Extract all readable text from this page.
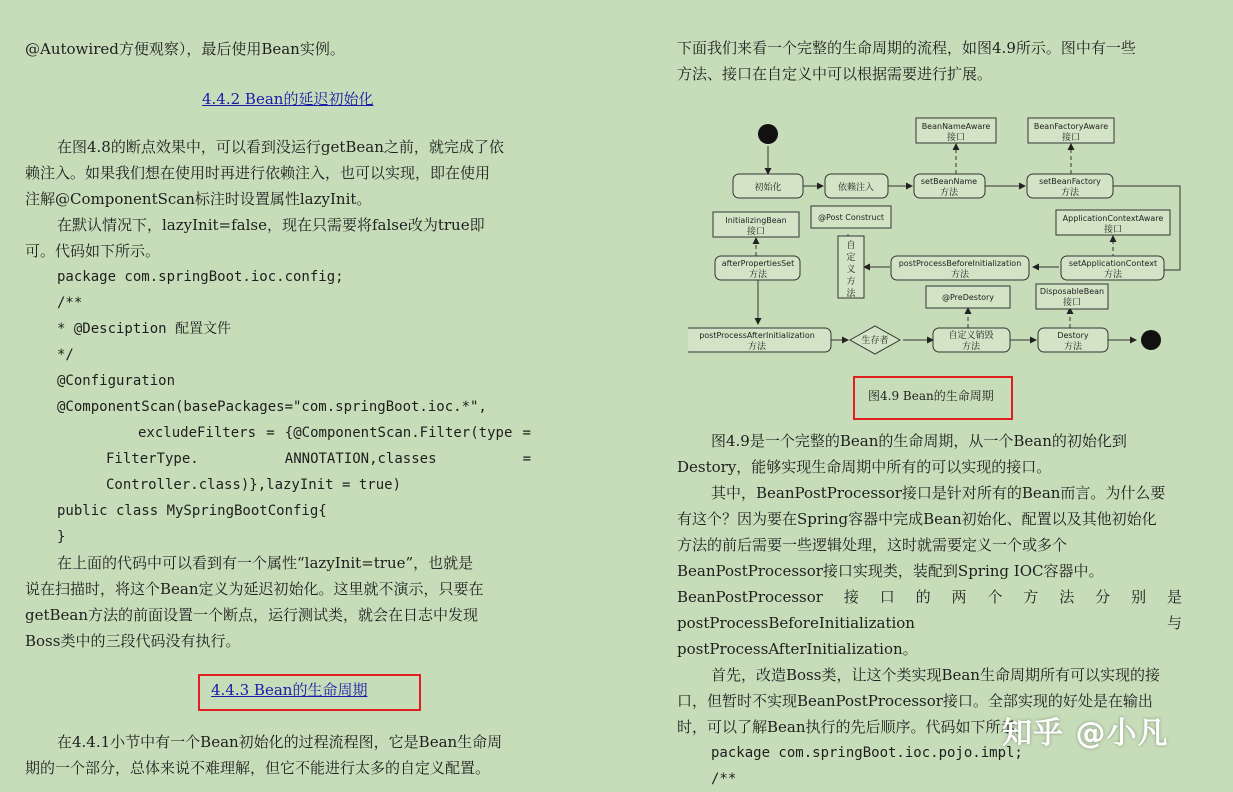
@Autowired方便观察），最后使用Bean实例。
4.4.2 Bean的延迟初始化
在图4.8的断点效果中，可以看到没运行getBean之前，就完成了依
赖注入。如果我们想在使用时再进行依赖注入，也可以实现，即在使用
注解@ComponentScan标注时设置属性lazyInit。
在默认情况下，lazyInit=false，现在只需要将false改为true即
可。代码如下所示。
package com.springBoot.ioc.config;
/**
* @Desciption 配置文件
*/
@Configuration
@ComponentScan(basePackages="com.springBoot.ioc.*",
excludeFilters = {@ComponentScan.Filter(type =
FilterType.	ANNOTATION,classes	=
Controller.class)},lazyInit = true)
public class MySpringBootConfig{
}
在上面的代码中可以看到有一个属性“lazyInit=true”，也就是
说在扫描时，将这个Bean定义为延迟初始化。这里就不演示，只要在
getBean方法的前面设置一个断点，运行测试类，就会在日志中发现
Boss类中的三段代码没有执行。
4.4.3 Bean的生命周期
在4.4.1小节中有一个Bean初始化的过程流程图，它是Bean生命周
期的一个部分，总体来说不难理解，但它不能进行太多的自定义配置。
下面我们来看一个完整的生命周期的流程，如图4.9所示。图中有一些
方法、接口在自定义中可以根据需要进行扩展。
图4.9是一个完整的Bean的生命周期，从一个Bean的初始化到
Destory，能够实现生命周期中所有的可以实现的接口。
其中，BeanPostProcessor接口是针对所有的Bean而言。为什么要
有这个？因为要在Spring容器中完成Bean初始化、配置以及其他初始化
方法的前后需要一些逻辑处理，这时就需要定义一个或多个
BeanPostProcessor接口实现类，装配到Spring IOC容器中。
BeanPostProcessor 接 口 的 两 个 方 法 分 别 是
postProcessBeforeInitialization	与
postProcessAfterInitialization。
首先，改造Boss类，让这个类实现Bean生命周期所有可以实现的接
口，但暂时不实现BeanPostProcessor接口。全部实现的好处是在输出
时，可以了解Bean执行的先后顺序。代码如下所示。
package com.springBoot.ioc.pojo.impl;
/**
初始化	依赖注入
setBeanName
方法
BeanNameAware
接口
setBeanFactory
方法
BeanFactoryAware
接口
InitializingBean
接口
@Post Construct
自
定
义
方
法
ApplicationContextAware
接口
afterPropertiesSet
方法
postProcessBeforeInitialization
方法
setApplicationContext
方法
@PreDestory
DisposableBean
接口
postProcessAfterInitialization
方法
生存者	自定义销毁
方法
Destory
方法
图4.9 Bean的生命周期
知乎 @小凡
